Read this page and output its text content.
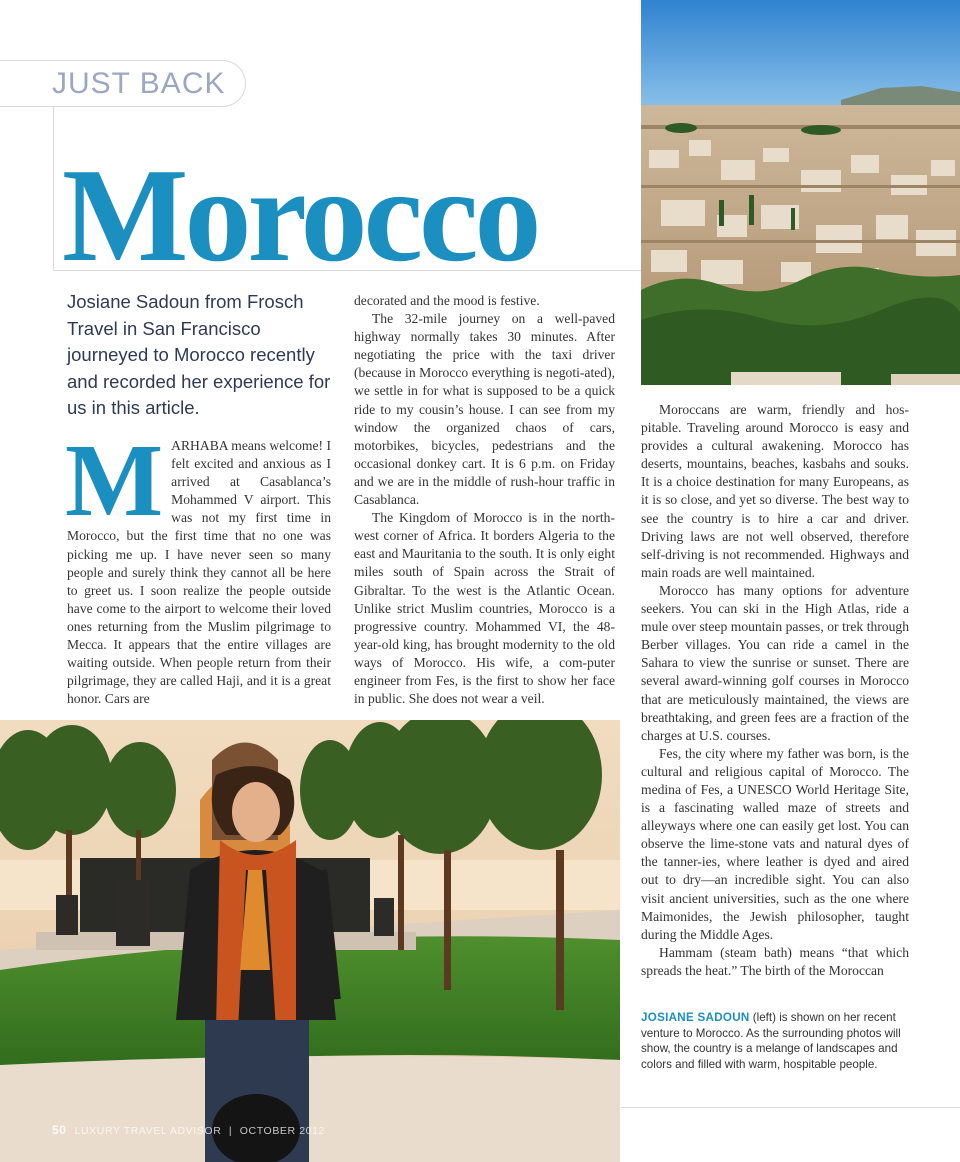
JUST BACK
Morocco

Josiane Sadoun from Frosch Travel in San Francisco journeyed to Morocco recently and recorded her experience for us in this article.

MARHABA means welcome! I felt excited and anxious as I arrived at Casablanca’s Mohammed V airport. This was not my first time in Morocco, but the first time that no one was picking me up. I have never seen so many people and surely think they cannot all be here to greet us. I soon realize the people outside have come to the airport to welcome their loved ones returning from the Muslim pilgrimage to Mecca. It appears that the entire villages are waiting outside. When people return from their pilgrimage, they are called Haji, and it is a great honor. Cars are

decorated and the mood is festive.

The 32-mile journey on a well-paved highway normally takes 30 minutes. After negotiating the price with the taxi driver (because in Morocco everything is negoti-ated), we settle in for what is supposed to be a quick ride to my cousin’s house. I can see from my window the organized chaos of cars, motorbikes, bicycles, pedestrians and the occasional donkey cart. It is 6 p.m. on Friday and we are in the middle of rush-hour traffic in Casablanca.

The Kingdom of Morocco is in the north-west corner of Africa. It borders Algeria to the east and Mauritania to the south. It is only eight miles south of Spain across the Strait of Gibraltar. To the west is the Atlantic Ocean. Unlike strict Muslim countries, Morocco is a progressive country. Mohammed VI, the 48-year-old king, has brought modernity to the old ways of Morocco. His wife, a com-puter engineer from Fes, is the first to show her face in public. She does not wear a veil.

Moroccans are warm, friendly and hos-pitable. Traveling around Morocco is easy and provides a cultural awakening. Morocco has deserts, mountains, beaches, kasbahs and souks. It is a choice destination for many Europeans, as it is so close, and yet so diverse. The best way to see the country is to hire a car and driver. Driving laws are not well observed, therefore self-driving is not recommended. Highways and main roads are well maintained.

Morocco has many options for adventure seekers. You can ski in the High Atlas, ride a mule over steep mountain passes, or trek through Berber villages. You can ride a camel in the Sahara to view the sunrise or sunset. There are several award-winning golf courses in Morocco that are meticulously maintained, the views are breathtaking, and green fees are a fraction of the charges at U.S. courses.

Fes, the city where my father was born, is the cultural and religious capital of Morocco. The medina of Fes, a UNESCO World Heritage Site, is a fascinating walled maze of streets and alleyways where one can easily get lost. You can observe the lime-stone vats and natural dyes of the tanner-ies, where leather is dyed and aired out to dry—an incredible sight. You can also visit ancient universities, such as the one where Maimonides, the Jewish philosopher, taught during the Middle Ages.

Hammam (steam bath) means “that which spreads the heat.” The birth of the Moroccan

JOSIANE SADOUN (left) is shown on her recent venture to Morocco. As the surrounding photos will show, the country is a melange of landscapes and colors and filled with warm, hospitable people.

50 LUXURY TRAVEL ADVISOR | OCTOBER 2012
